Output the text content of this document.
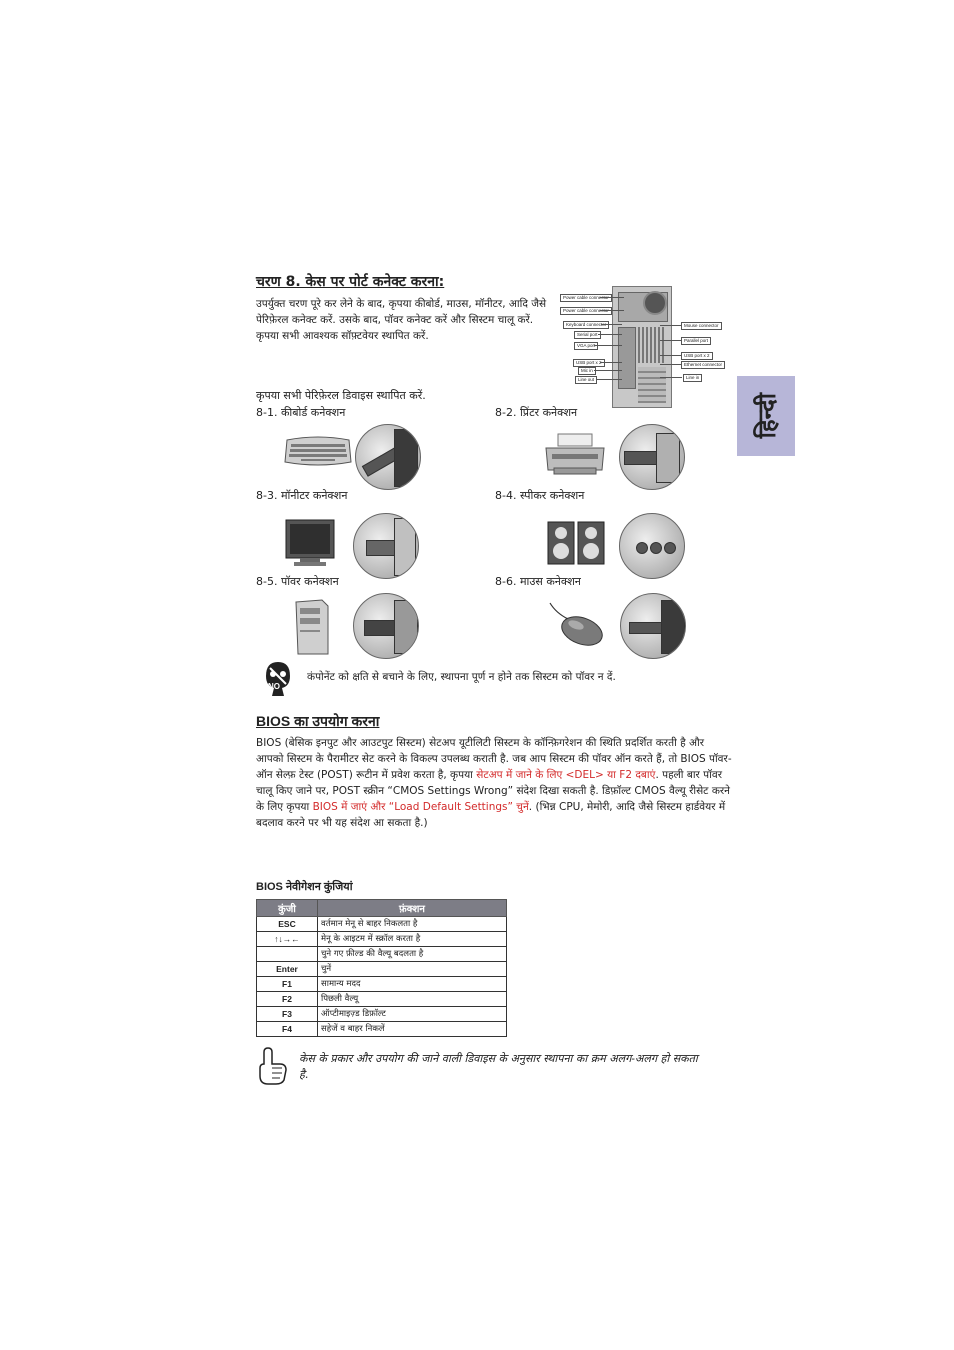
चरण 8. केस पर पोर्ट कनेक्ट करना:

उपर्युक्त चरण पूरे कर लेने के बाद, कृपया कीबोर्ड, माउस, मॉनीटर, आदि जैसे पेरिफ़ेरल कनेक्ट करें. उसके बाद, पॉवर कनेक्ट करें और सिस्टम चालू करें. कृपया सभी आवश्यक सॉफ़्टवेयर स्थापित करें.

Power cable connector
Power cable connector
Keyboard connector
Serial port
VGA port
USB port x 2
Mic in
Line out
Mouse connector
Parallel port
USB port x 2
Ethernet connector
Line in
हिन्दी
कृपया सभी पेरिफ़ेरल डिवाइस स्थापित करें.
8-1. कीबोर्ड कनेक्शन	8-2. प्रिंटर कनेक्शन
8-3. मॉनीटर कनेक्शन	8-4. स्पीकर कनेक्शन
8-5. पॉवर कनेक्शन	8-6. माउस कनेक्शन
NO
कंपोनेंट को क्षति से बचाने के लिए, स्थापना पूर्ण न होने तक सिस्टम को पॉवर न दें.
BIOS का उपयोग करना

BIOS (बेसिक इनपुट और आउटपुट सिस्टम) सेटअप यूटीलिटी सिस्टम के कॉन्फ़िगरेशन की स्थिति प्रदर्शित करती है और आपको सिस्टम के पैरामीटर सेट करने के विकल्प उपलब्ध कराती है. जब आप सिस्टम की पॉवर ऑन करते हैं, तो BIOS पॉवर-ऑन सेल्फ़ टेस्ट (POST) रूटीन में प्रवेश करता है, कृपया सेटअप में जाने के लिए <DEL> या F2 दबाएं. पहली बार पॉवर चालू किए जाने पर, POST स्क्रीन “CMOS Settings Wrong” संदेश दिखा सकती है. डिफ़ॉल्ट CMOS वैल्यू रीसेट करने के लिए कृपया BIOS में जाएं और “Load Default Settings” चुनें. (भिन्न CPU, मेमोरी, आदि जैसे सिस्टम हार्डवेयर में बदलाव करने पर भी यह संदेश आ सकता है.)

BIOS नेवीगेशन कुंजियां
कुंजी	फ़ंक्शन
ESC	वर्तमान मेनू से बाहर निकलता है
↑↓→←	मेनू के आइटम में स्क्रॉल करता है
	चुने गए फ़ील्ड की वैल्यू बदलता है
Enter	चुनें
F1	सामान्य मदद
F2	पिछली वैल्यू
F3	ऑप्टीमाइज़्ड डिफ़ॉल्ट
F4	सहेजें व बाहर निकलें

केस के प्रकार और उपयोग की जाने वाली डिवाइस के अनुसार स्थापना का क्रम अलग-अलग हो सकता है.
